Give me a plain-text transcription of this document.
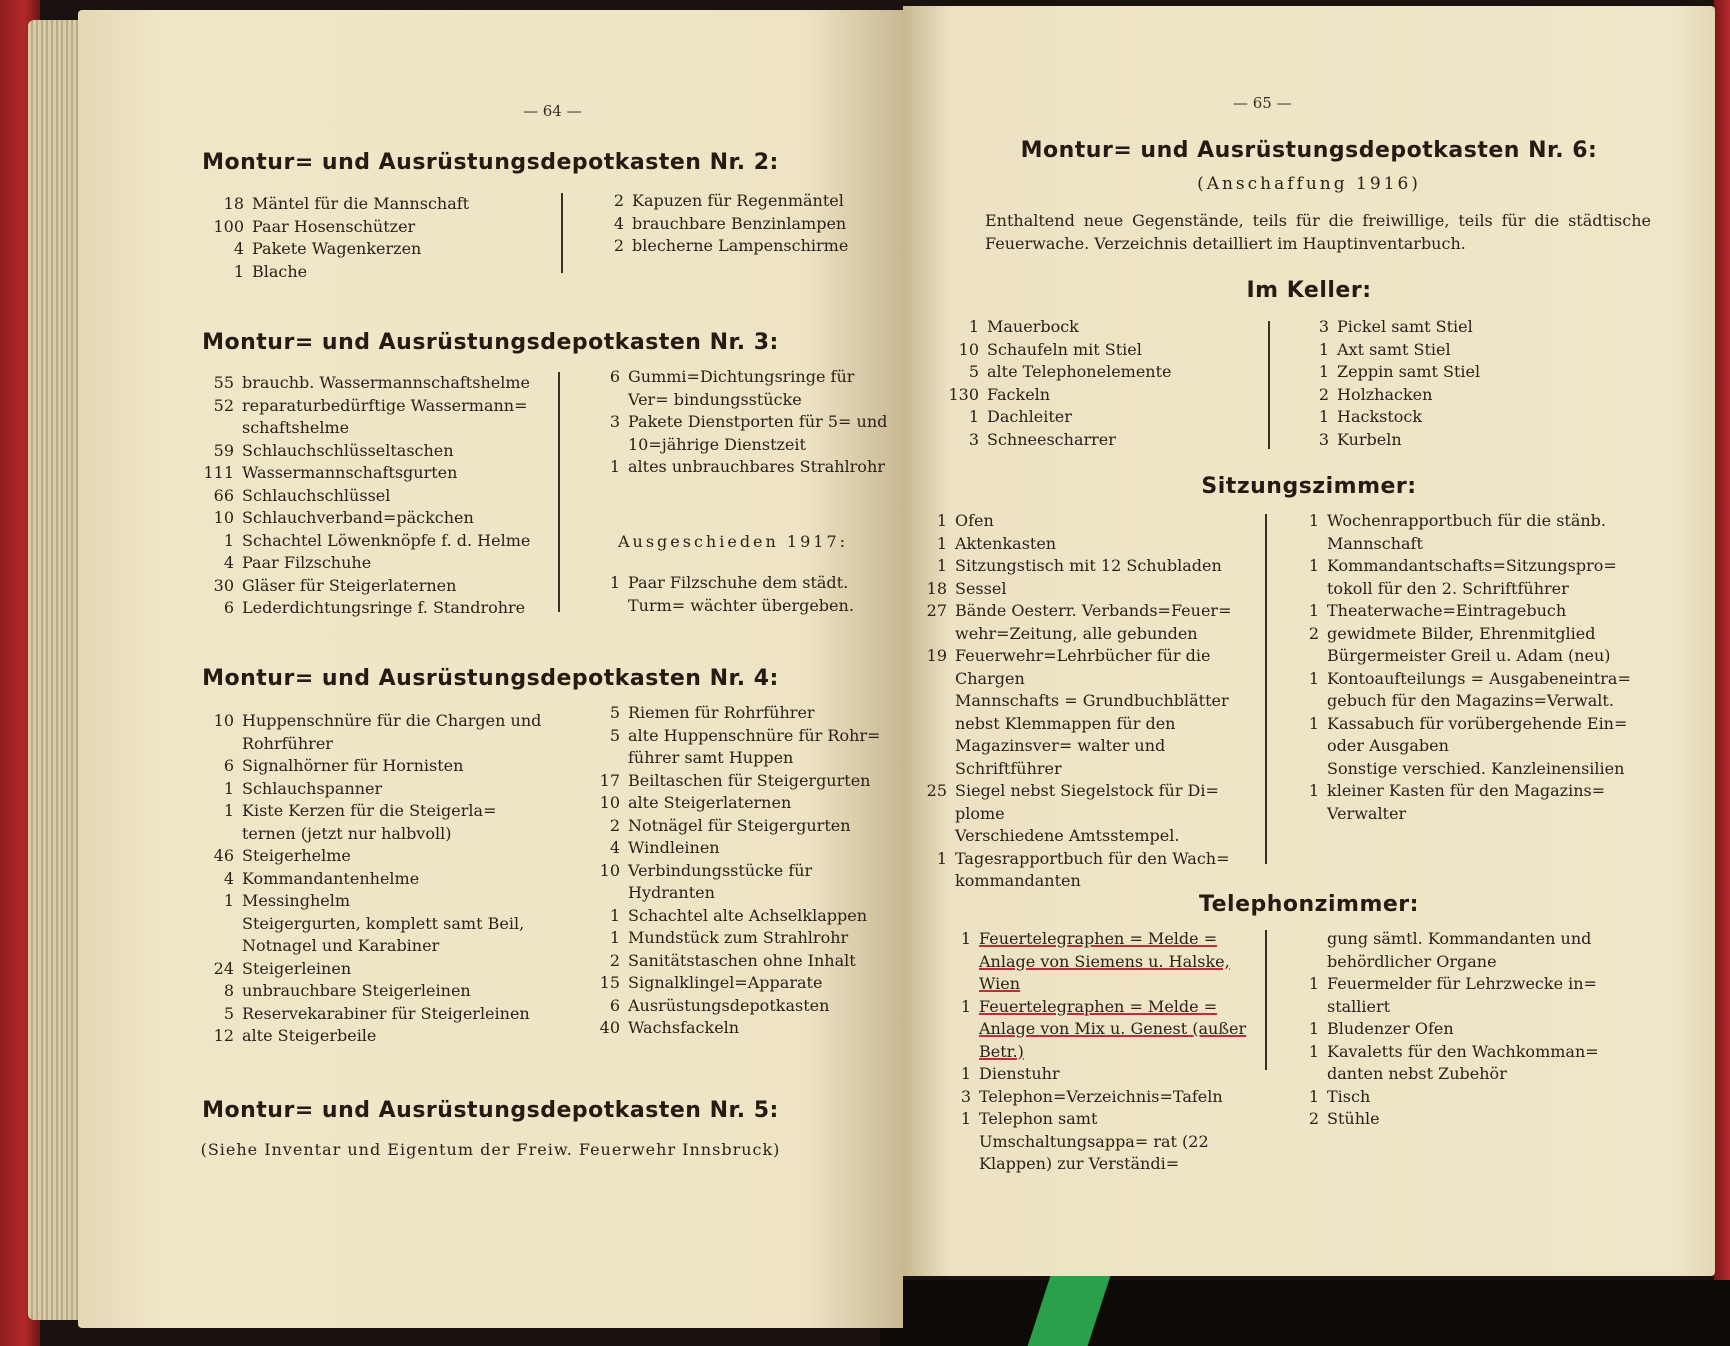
— 64 —
Montur= und Ausrüstungsdepotkasten Nr. 2:
18 Mäntel für die Mannschaft
100 Paar Hosenschützer
4 Pakete Wagenkerzen
1 Blache
2 Kapuzen für Regenmäntel
4 brauchbare Benzinlampen
2 blecherne Lampenschirme
Montur= und Ausrüstungsdepotkasten Nr. 3:
55 brauchb. Wassermannschaftshelme
52 reparaturbedürftige Wassermann= schaftshelme
59 Schlauchschlüsseltaschen
111 Wassermannschaftsgurten
66 Schlauchschlüssel
10 Schlauchverband=päckchen
1 Schachtel Löwenknöpfe f. d. Helme
4 Paar Filzschuhe
30 Gläser für Steigerlaternen
6 Lederdichtungsringe f. Standrohre
6 Gummi=Dichtungsringe für Ver= bindungsstücke
3 Pakete Dienstporten für 5= und 10=jährige Dienstzeit
1 altes unbrauchbares Strahlrohr
Ausgeschieden 1917:
1 Paar Filzschuhe dem städt. Turm= wächter übergeben.
Montur= und Ausrüstungsdepotkasten Nr. 4:
10 Huppenschnüre für die Chargen und Rohrführer
6 Signalhörner für Hornisten
1 Schlauchspanner
1 Kiste Kerzen für die Steigerla= ternen (jetzt nur halbvoll)
46 Steigerhelme
4 Kommandantenhelme
1 Messinghelm
Steigergurten, komplett samt Beil, Notnagel und Karabiner
24 Steigerleinen
8 unbrauchbare Steigerleinen
5 Reservekarabiner für Steigerleinen
12 alte Steigerbeile
5 Riemen für Rohrführer
5 alte Huppenschnüre für Rohr= führer samt Huppen
17 Beiltaschen für Steigergurten
10 alte Steigerlaternen
2 Notnägel für Steigergurten
4 Windleinen
10 Verbindungsstücke für Hydranten
1 Schachtel alte Achselklappen
1 Mundstück zum Strahlrohr
2 Sanitätstaschen ohne Inhalt
15 Signalklingel=Apparate
6 Ausrüstungsdepotkasten
40 Wachsfackeln
Montur= und Ausrüstungsdepotkasten Nr. 5:
(Siehe Inventar und Eigentum der Freiw. Feuerwehr Innsbruck)
— 65 —
Montur= und Ausrüstungsdepotkasten Nr. 6:
(Anschaffung 1916)
Enthaltend neue Gegenstände, teils für die freiwillige, teils für die städtische Feuerwache. Verzeichnis detailliert im Hauptinventarbuch.
Im Keller:
1 Mauerbock
10 Schaufeln mit Stiel
5 alte Telephonelemente
130 Fackeln
1 Dachleiter
3 Schneescharrer
3 Pickel samt Stiel
1 Axt samt Stiel
1 Zeppin samt Stiel
2 Holzhacken
1 Hackstock
3 Kurbeln
Sitzungszimmer:
1 Ofen
1 Aktenkasten
1 Sitzungstisch mit 12 Schubladen
18 Sessel
27 Bände Oesterr. Verbands=Feuer= wehr=Zeitung, alle gebunden
19 Feuerwehr=Lehrbücher für die Chargen
Mannschafts = Grundbuchblätter nebst Klemmappen für den Magazinsver= walter und Schriftführer
25 Siegel nebst Siegelstock für Di= plome
Verschiedene Amtsstempel.
1 Tagesrapportbuch für den Wach= kommandanten
1 Wochenrapportbuch für die stänb. Mannschaft
1 Kommandantschafts=Sitzungspro= tokoll für den 2. Schriftführer
1 Theaterwache=Eintragebuch
2 gewidmete Bilder, Ehrenmitglied Bürgermeister Greil u. Adam (neu)
1 Kontoaufteilungs = Ausgabeneintra= gebuch für den Magazins=Verwalt.
1 Kassabuch für vorübergehende Ein= oder Ausgaben
Sonstige verschied. Kanzleinensilien
1 kleiner Kasten für den Magazins= Verwalter
Telephonzimmer:
1 Feuertelegraphen = Melde = Anlage von Siemens u. Halske, Wien
1 Feuertelegraphen = Melde = Anlage von Mix u. Genest (außer Betr.)
1 Dienstuhr
3 Telephon=Verzeichnis=Tafeln
1 Telephon samt Umschaltungsappa= rat (22 Klappen) zur Verständi=
gung sämtl. Kommandanten und behördlicher Organe
1 Feuermelder für Lehrzwecke in= stalliert
1 Bludenzer Ofen
1 Kavaletts für den Wachkomman= danten nebst Zubehör
1 Tisch
2 Stühle
